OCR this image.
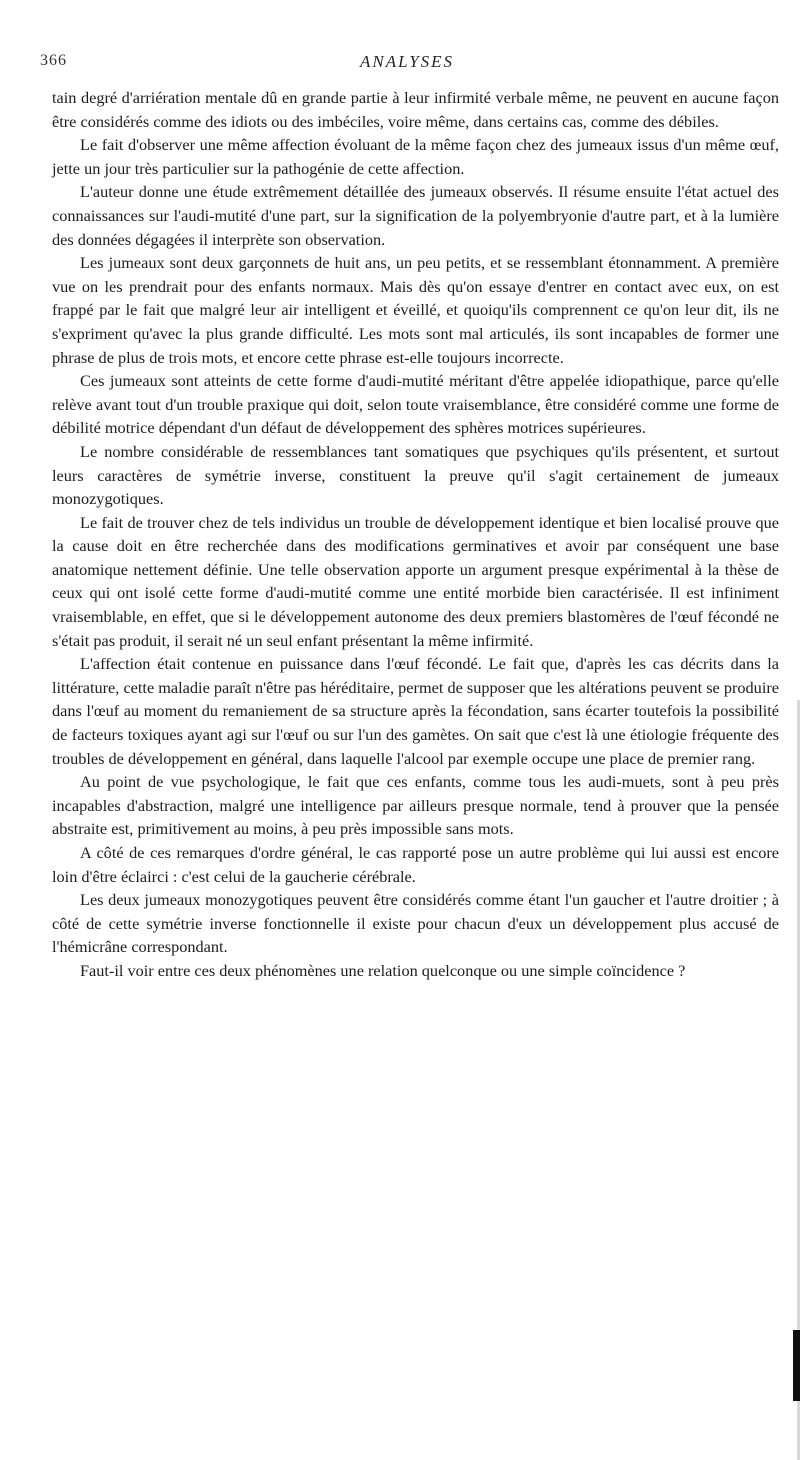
366	ANALYSES

tain degré d'arriération mentale dû en grande partie à leur infirmité verbale même, ne peuvent en aucune façon être considérés comme des idiots ou des imbéciles, voire même, dans certains cas, comme des débiles.

Le fait d'observer une même affection évoluant de la même façon chez des jumeaux issus d'un même œuf, jette un jour très particulier sur la pathogénie de cette affection.

L'auteur donne une étude extrêmement détaillée des jumeaux observés. Il résume ensuite l'état actuel des connaissances sur l'audi-mutité d'une part, sur la signification de la polyembryonie d'autre part, et à la lumière des données dégagées il interprète son observation.

Les jumeaux sont deux garçonnets de huit ans, un peu petits, et se ressemblant étonnamment. A première vue on les prendrait pour des enfants normaux. Mais dès qu'on essaye d'entrer en contact avec eux, on est frappé par le fait que malgré leur air intelligent et éveillé, et quoiqu'ils comprennent ce qu'on leur dit, ils ne s'expriment qu'avec la plus grande difficulté. Les mots sont mal articulés, ils sont incapables de former une phrase de plus de trois mots, et encore cette phrase est-elle toujours incorrecte.

Ces jumeaux sont atteints de cette forme d'audi-mutité méritant d'être appelée idiopathique, parce qu'elle relève avant tout d'un trouble praxique qui doit, selon toute vraisemblance, être considéré comme une forme de débilité motrice dépendant d'un défaut de développement des sphères motrices supérieures.

Le nombre considérable de ressemblances tant somatiques que psychiques qu'ils présentent, et surtout leurs caractères de symétrie inverse, constituent la preuve qu'il s'agit certainement de jumeaux monozygotiques.

Le fait de trouver chez de tels individus un trouble de développement identique et bien localisé prouve que la cause doit en être recherchée dans des modifications germinatives et avoir par conséquent une base anatomique nettement définie. Une telle observation apporte un argument presque expérimental à la thèse de ceux qui ont isolé cette forme d'audi-mutité comme une entité morbide bien caractérisée. Il est infiniment vraisemblable, en effet, que si le développement autonome des deux premiers blastomères de l'œuf fécondé ne s'était pas produit, il serait né un seul enfant présentant la même infirmité.

L'affection était contenue en puissance dans l'œuf fécondé. Le fait que, d'après les cas décrits dans la littérature, cette maladie paraît n'être pas héréditaire, permet de supposer que les altérations peuvent se produire dans l'œuf au moment du remaniement de sa structure après la fécondation, sans écarter toutefois la possibilité de facteurs toxiques ayant agi sur l'œuf ou sur l'un des gamètes. On sait que c'est là une étiologie fréquente des troubles de développement en général, dans laquelle l'alcool par exemple occupe une place de premier rang.

Au point de vue psychologique, le fait que ces enfants, comme tous les audi-muets, sont à peu près incapables d'abstraction, malgré une intelligence par ailleurs presque normale, tend à prouver que la pensée abstraite est, primitivement au moins, à peu près impossible sans mots.

A côté de ces remarques d'ordre général, le cas rapporté pose un autre problème qui lui aussi est encore loin d'être éclairci : c'est celui de la gaucherie cérébrale.

Les deux jumeaux monozygotiques peuvent être considérés comme étant l'un gaucher et l'autre droitier ; à côté de cette symétrie inverse fonctionnelle il existe pour chacun d'eux un développement plus accusé de l'hémicrâne correspondant.

Faut-il voir entre ces deux phénomènes une relation quelconque ou une simple coïncidence ?
